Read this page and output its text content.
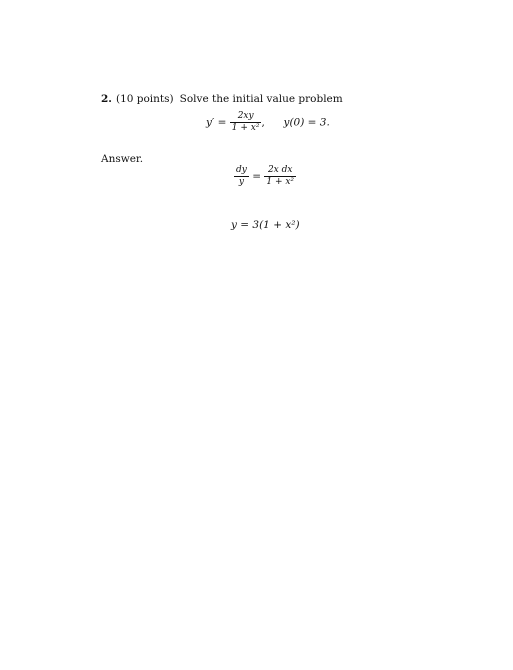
2. (10 points) Solve the initial value problem
$y' = \frac{2xy}{\text{1 + x²}}$ , y(0) = 3.
Answer.
$\frac{dy}{y} = \frac{\text{2x dx}}{\text{1 + x²}}$
y = 3(1 + x²)
